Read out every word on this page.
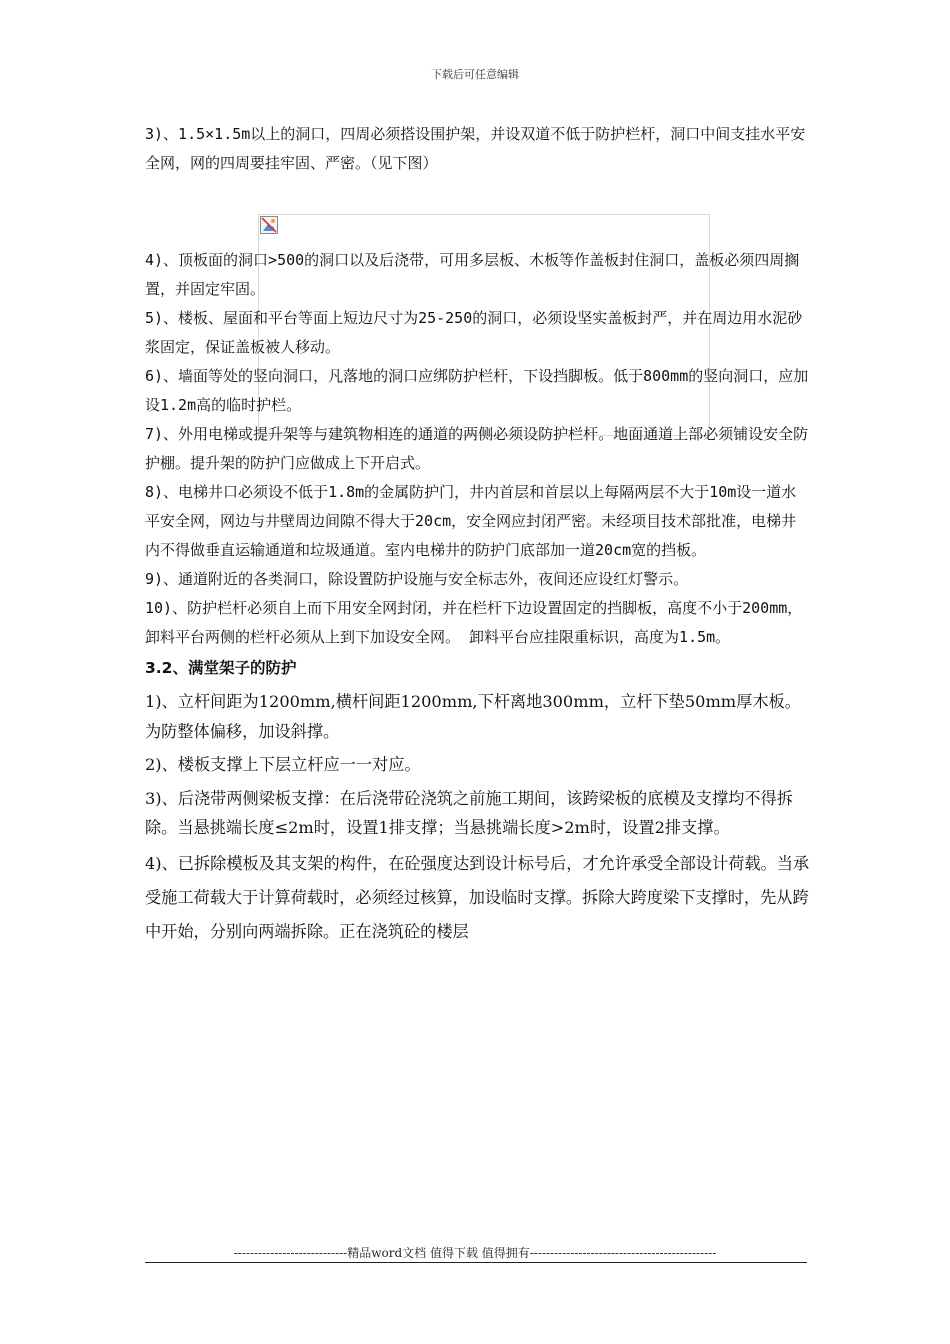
下载后可任意编辑

3)、1.5×1.5m以上的洞口，四周必须搭设围护架，并设双道不低于防护栏杆，洞口中间支挂水平安全网，网的四周要挂牢固、严密。（见下图）

4)、顶板面的洞口>500的洞口以及后浇带，可用多层板、木板等作盖板封住洞口，盖板必须四周搁置，并固定牢固。

5)、楼板、屋面和平台等面上短边尺寸为25-250的洞口，必须设坚实盖板封严，并在周边用水泥砂浆固定，保证盖板被人移动。

6)、墙面等处的竖向洞口，凡落地的洞口应绑防护栏杆，下设挡脚板。低于800mm的竖向洞口，应加设1.2m高的临时护栏。

7)、外用电梯或提升架等与建筑物相连的通道的两侧必须设防护栏杆。地面通道上部必须铺设安全防护棚。提升架的防护门应做成上下开启式。

8)、电梯井口必须设不低于1.8m的金属防护门，井内首层和首层以上每隔两层不大于10m设一道水平安全网，网边与井壁周边间隙不得大于20cm，安全网应封闭严密。未经项目技术部批准，电梯井内不得做垂直运输通道和垃圾通道。室内电梯井的防护门底部加一道20cm宽的挡板。

9)、通道附近的各类洞口，除设置防护设施与安全标志外，夜间还应设红灯警示。

10)、防护栏杆必须自上而下用安全网封闭，并在栏杆下边设置固定的挡脚板，高度不小于200mm，卸料平台两侧的栏杆必须从上到下加设安全网。 卸料平台应挂限重标识，高度为1.5m。

3.2、满堂架子的防护

1)、立杆间距为1200mm,横杆间距1200mm,下杆离地300mm，立杆下垫50mm厚木板。为防整体偏移，加设斜撑。

2)、楼板支撑上下层立杆应一一对应。

3)、后浇带两侧梁板支撑：在后浇带砼浇筑之前施工期间，该跨梁板的底模及支撑均不得拆除。当悬挑端长度≤2m时，设置1排支撑；当悬挑端长度>2m时，设置2排支撑。

4)、已拆除模板及其支架的构件，在砼强度达到设计标号后，才允许承受全部设计荷载。当承受施工荷载大于计算荷载时，必须经过核算，加设临时支撑。拆除大跨度梁下支撑时，先从跨中开始，分别向两端拆除。正在浇筑砼的楼层

----------------------------精品word文档 值得下载 值得拥有----------------------------------------------
